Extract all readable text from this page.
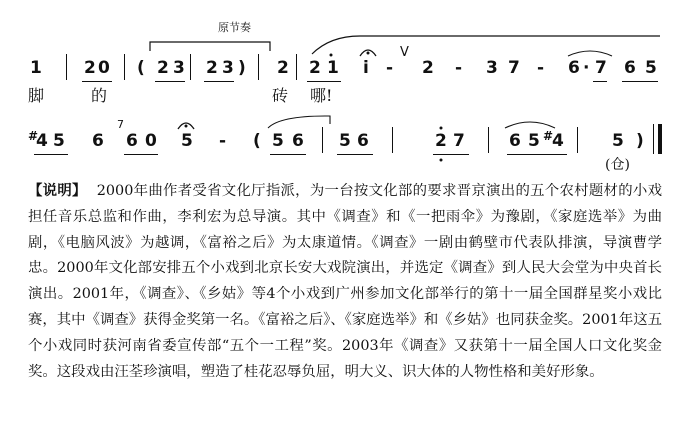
原节奏
1 2 0 ( 2 3 2 3 ) 2 2 1 i -
V
2 - 3 7 - 6 · 7 6 5
脚	的	砖 哪!
#
4 5 6
7
6 0 5 - ( 5 6 5 6	2 7	6 5 #
4	5 )
(仓)
【说明】 2000年曲作者受省文化厅指派，为一台按文化部的要求晋京演出的五个农村题材的小戏担任音乐总监和作曲，李利宏为总导演。其中《调查》和《一把雨伞》为豫剧，《家庭选举》为曲剧，《电脑风波》为越调，《富裕之后》为太康道情。《调查》一剧由鹤壁市代表队排演，导演曹学忠。2000年文化部安排五个小戏到北京长安大戏院演出，并选定《调查》到人民大会堂为中央首长演出。2001年，《调查》、《乡姑》等4个小戏到广州参加文化部举行的第十一届全国群星奖小戏比赛，其中《调查》获得金奖第一名。《富裕之后》、《家庭选举》和《乡姑》也同获金奖。2001年这五个小戏同时获河南省委宣传部“五个一工程”奖。2003年《调查》又获第十一届全国人口文化奖金奖。这段戏由汪荃珍演唱，塑造了桂花忍辱负屈，明大义、识大体的人物性格和美好形象。
